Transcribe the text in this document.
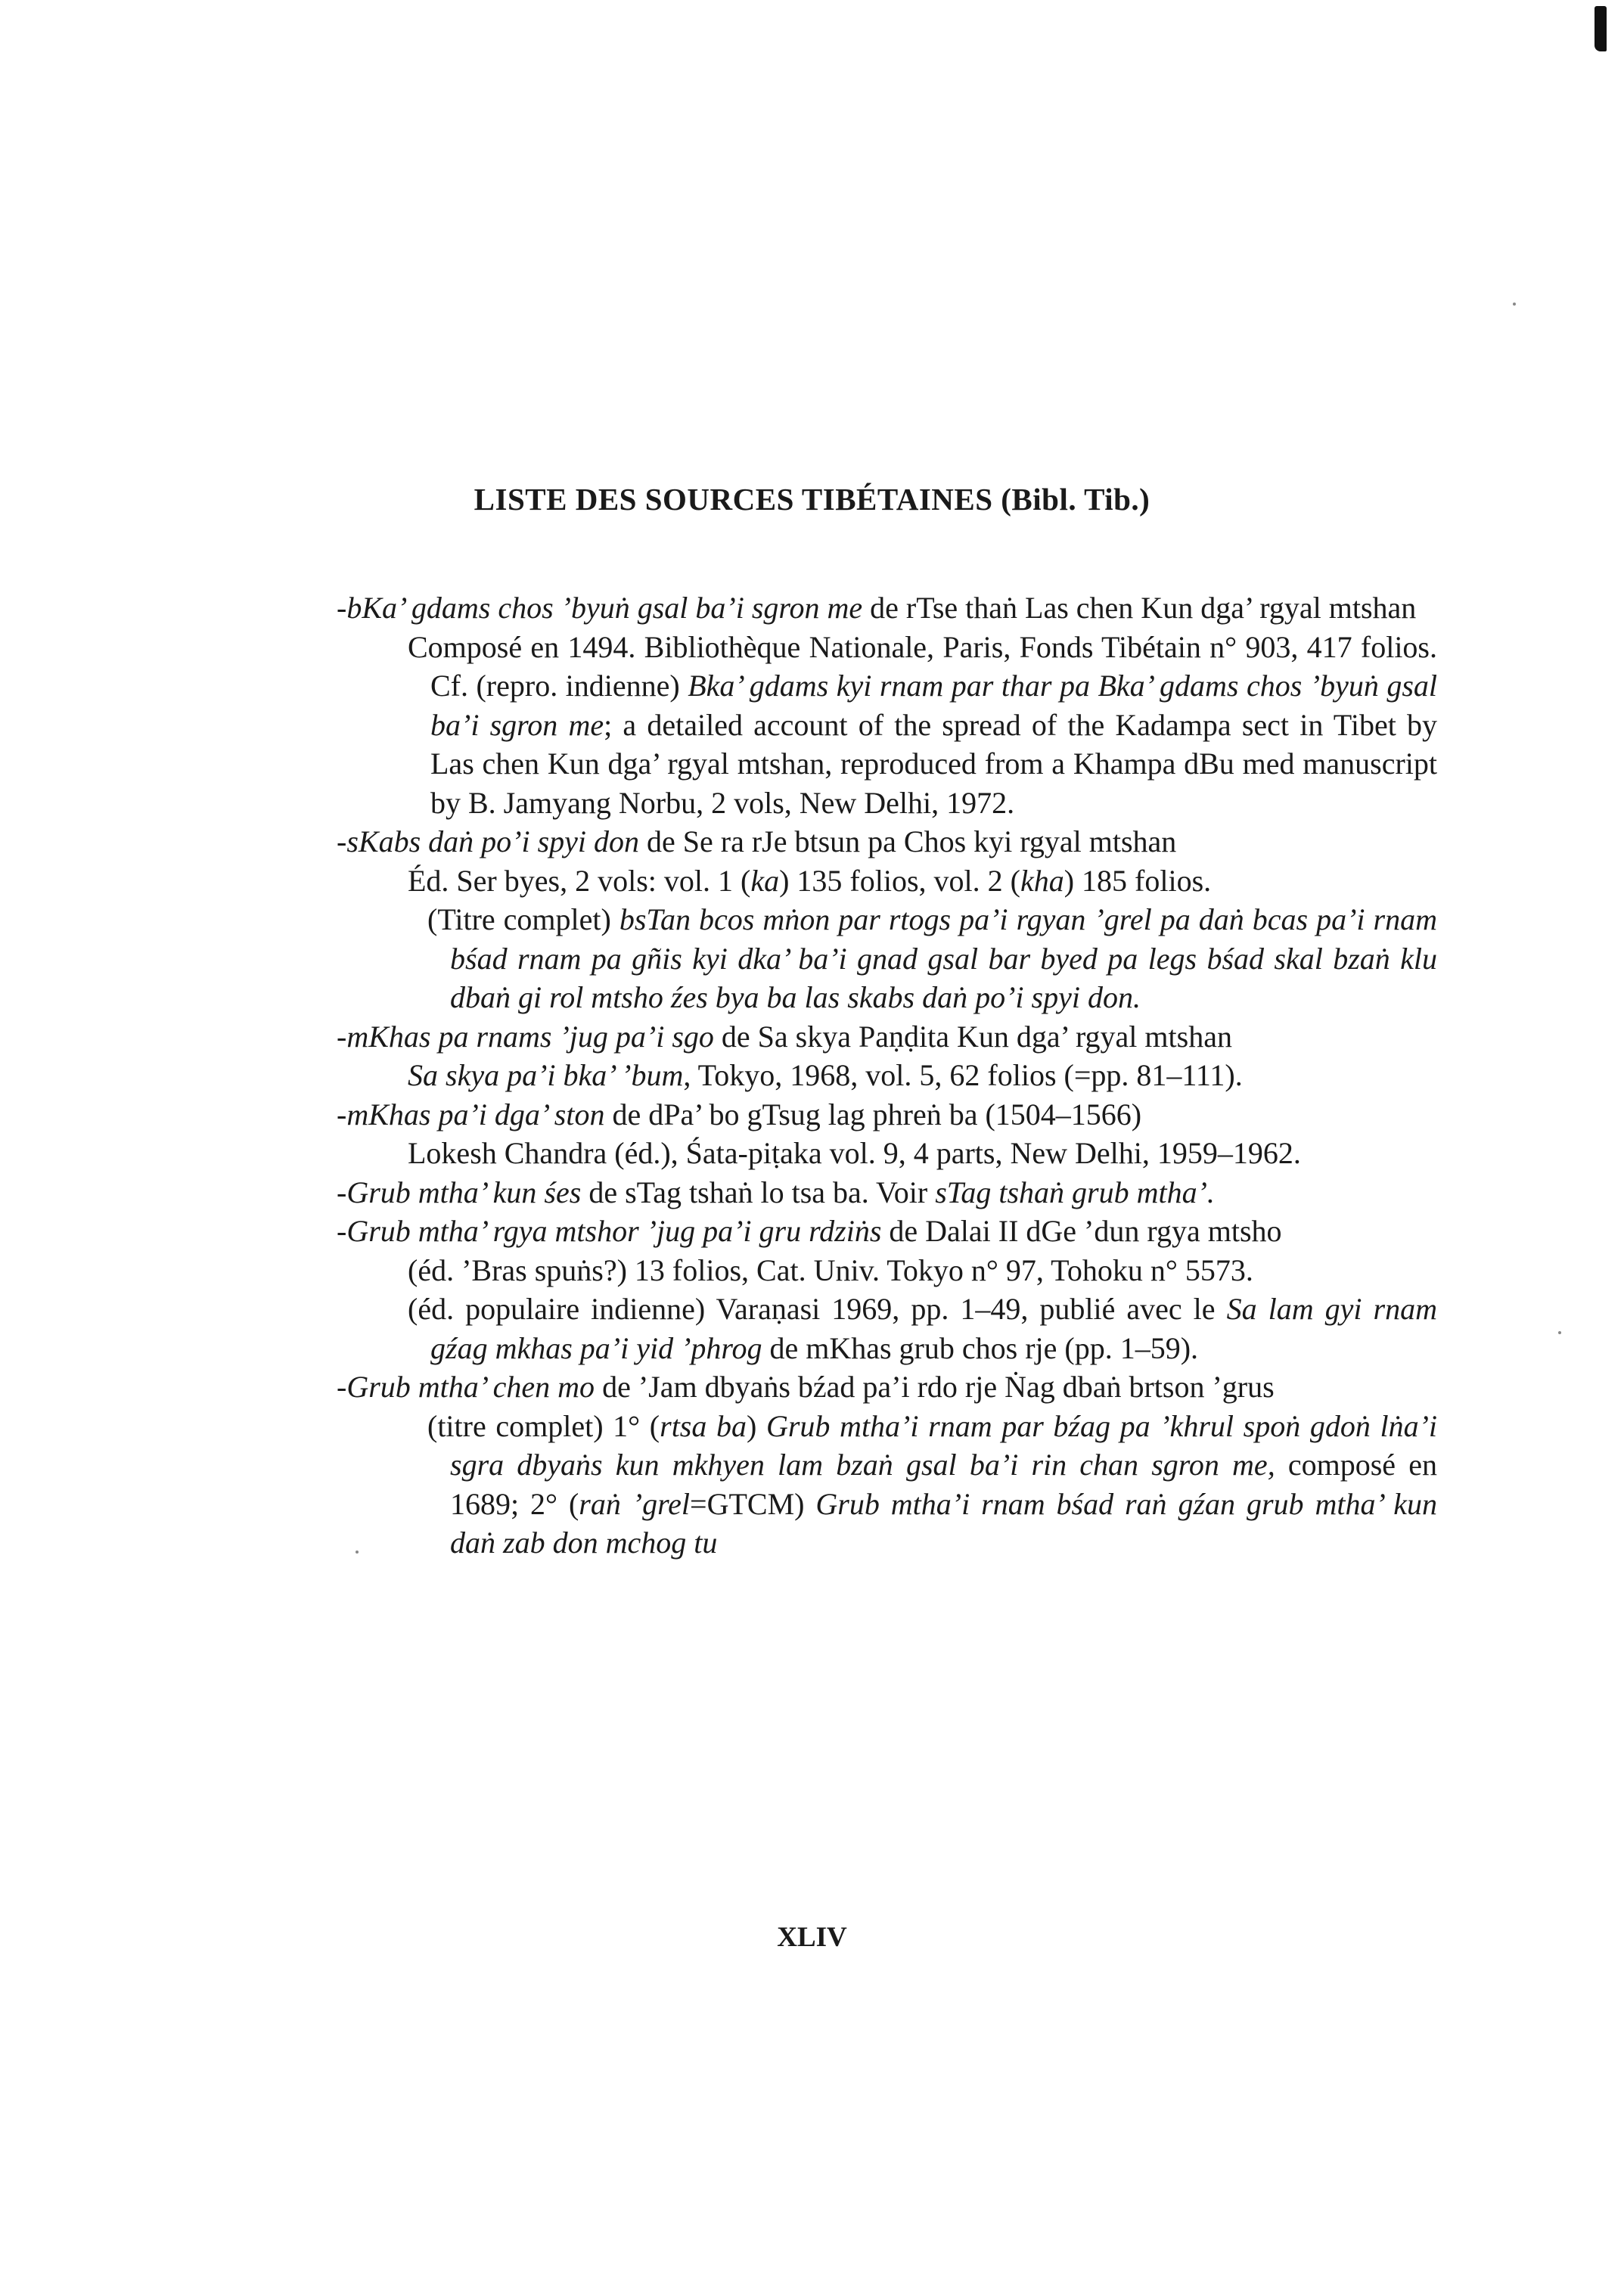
LISTE DES SOURCES TIBÉTAINES (Bibl. Tib.)
-bKa’ gdams chos ’byuṅ gsal ba’i sgron me de rTse thaṅ Las chen Kun dga’ rgyal mtshan
Composé en 1494. Bibliothèque Nationale, Paris, Fonds Tibétain n° 903, 417 folios. Cf. (repro. indienne) Bka’ gdams kyi rnam par thar pa Bka’ gdams chos ’byuṅ gsal ba’i sgron me; a detailed account of the spread of the Kadampa sect in Tibet by Las chen Kun dga’ rgyal mtshan, reproduced from a Khampa dBu med manuscript by B. Jamyang Norbu, 2 vols, New Delhi, 1972.
-sKabs daṅ po’i spyi don de Se ra rJe btsun pa Chos kyi rgyal mtshan
Éd. Ser byes, 2 vols: vol. 1 (ka) 135 folios, vol. 2 (kha) 185 folios.
(Titre complet) bsTan bcos mṅon par rtogs pa’i rgyan ’grel pa daṅ bcas pa’i rnam bśad rnam pa gñis kyi dka’ ba’i gnad gsal bar byed pa legs bśad skal bzaṅ klu dbaṅ gi rol mtsho źes bya ba las skabs daṅ po’i spyi don.
-mKhas pa rnams ’jug pa’i sgo de Sa skya Paṇḍita Kun dga’ rgyal mtshan
Sa skya pa’i bka’ ’bum, Tokyo, 1968, vol. 5, 62 folios (=pp. 81–111).
-mKhas pa’i dga’ ston de dPa’ bo gTsug lag phreṅ ba (1504–1566)
Lokesh Chandra (éd.), Śata-piṭaka vol. 9, 4 parts, New Delhi, 1959–1962.
-Grub mtha’ kun śes de sTag tshaṅ lo tsa ba. Voir sTag tshaṅ grub mtha’.
-Grub mtha’ rgya mtshor ’jug pa’i gru rdziṅs de Dalai II dGe ’dun rgya mtsho
(éd. ’Bras spuṅs?) 13 folios, Cat. Univ. Tokyo n° 97, Tohoku n° 5573.
(éd. populaire indienne) Varaṇasi 1969, pp. 1–49, publié avec le Sa lam gyi rnam gźag mkhas pa’i yid ’phrog de mKhas grub chos rje (pp. 1–59).
-Grub mtha’ chen mo de ’Jam dbyaṅs bźad pa’i rdo rje Ṅag dbaṅ brtson ’grus
(titre complet) 1° (rtsa ba) Grub mtha’i rnam par bźag pa ’khrul spoṅ gdoṅ lṅa’i sgra dbyaṅs kun mkhyen lam bzaṅ gsal ba’i rin chan sgron me, composé en 1689; 2° (raṅ ’grel=GTCM) Grub mtha’i rnam bśad raṅ gźan grub mtha’ kun daṅ zab don mchog tu
XLIV
